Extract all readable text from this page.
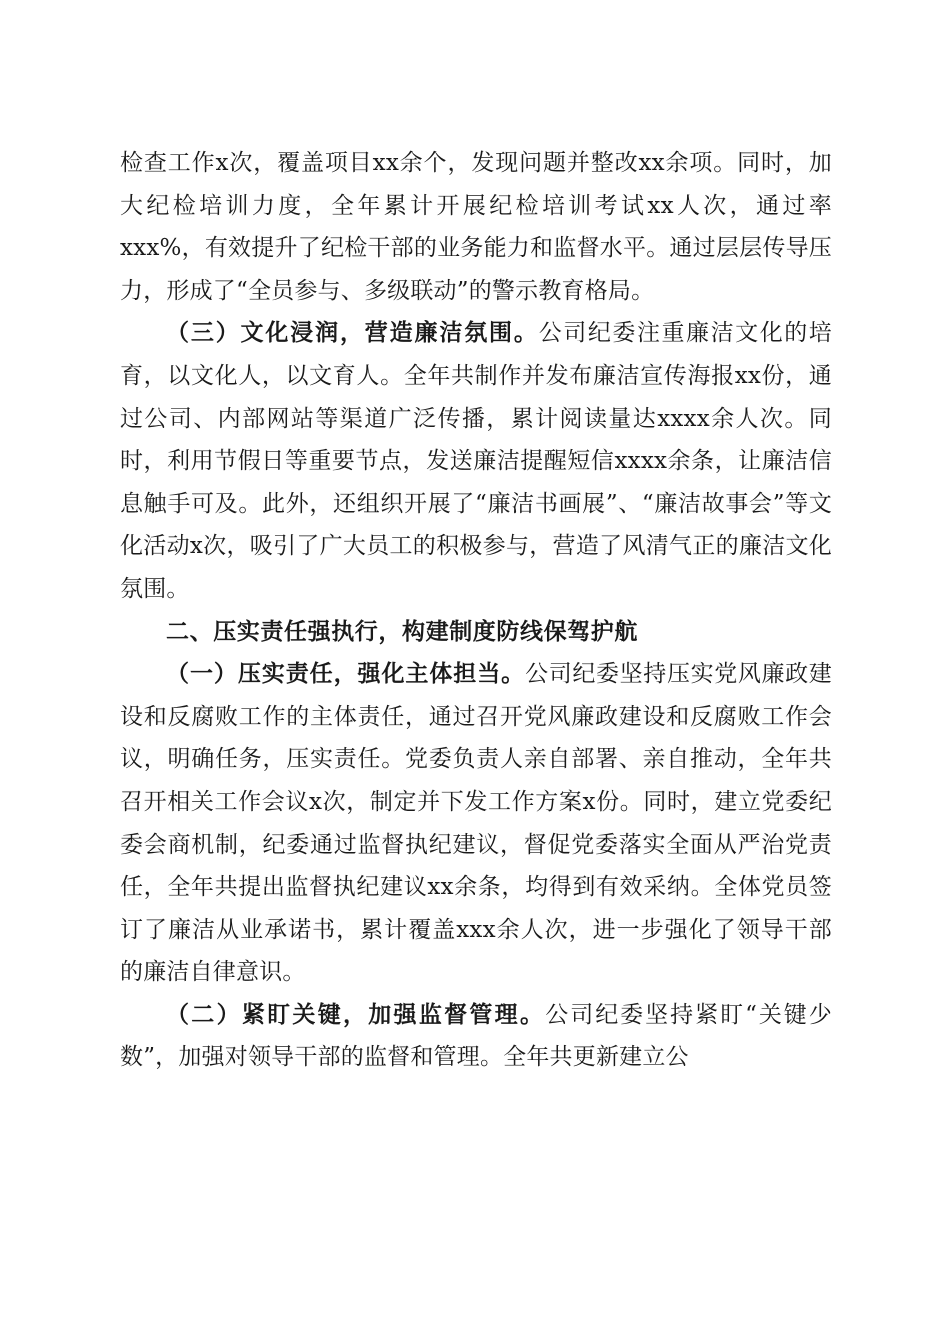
检查工作x次，覆盖项目xx余个，发现问题并整改xx余项。同时，加大纪检培训力度，全年累计开展纪检培训考试xx人次，通过率xxx%，有效提升了纪检干部的业务能力和监督水平。通过层层传导压力，形成了“全员参与、多级联动”的警示教育格局。

（三）文化浸润，营造廉洁氛围。公司纪委注重廉洁文化的培育，以文化人，以文育人。全年共制作并发布廉洁宣传海报xx份，通过公司、内部网站等渠道广泛传播，累计阅读量达xxxx余人次。同时，利用节假日等重要节点，发送廉洁提醒短信xxxx余条，让廉洁信息触手可及。此外，还组织开展了“廉洁书画展”、“廉洁故事会”等文化活动x次，吸引了广大员工的积极参与，营造了风清气正的廉洁文化氛围。

二、压实责任强执行，构建制度防线保驾护航

（一）压实责任，强化主体担当。公司纪委坚持压实党风廉政建设和反腐败工作的主体责任，通过召开党风廉政建设和反腐败工作会议，明确任务，压实责任。党委负责人亲自部署、亲自推动，全年共召开相关工作会议x次，制定并下发工作方案x份。同时，建立党委纪委会商机制，纪委通过监督执纪建议，督促党委落实全面从严治党责任，全年共提出监督执纪建议xx余条，均得到有效采纳。全体党员签订了廉洁从业承诺书，累计覆盖xxx余人次，进一步强化了领导干部的廉洁自律意识。

（二）紧盯关键，加强监督管理。公司纪委坚持紧盯“关键少数”，加强对领导干部的监督和管理。全年共更新建立公
